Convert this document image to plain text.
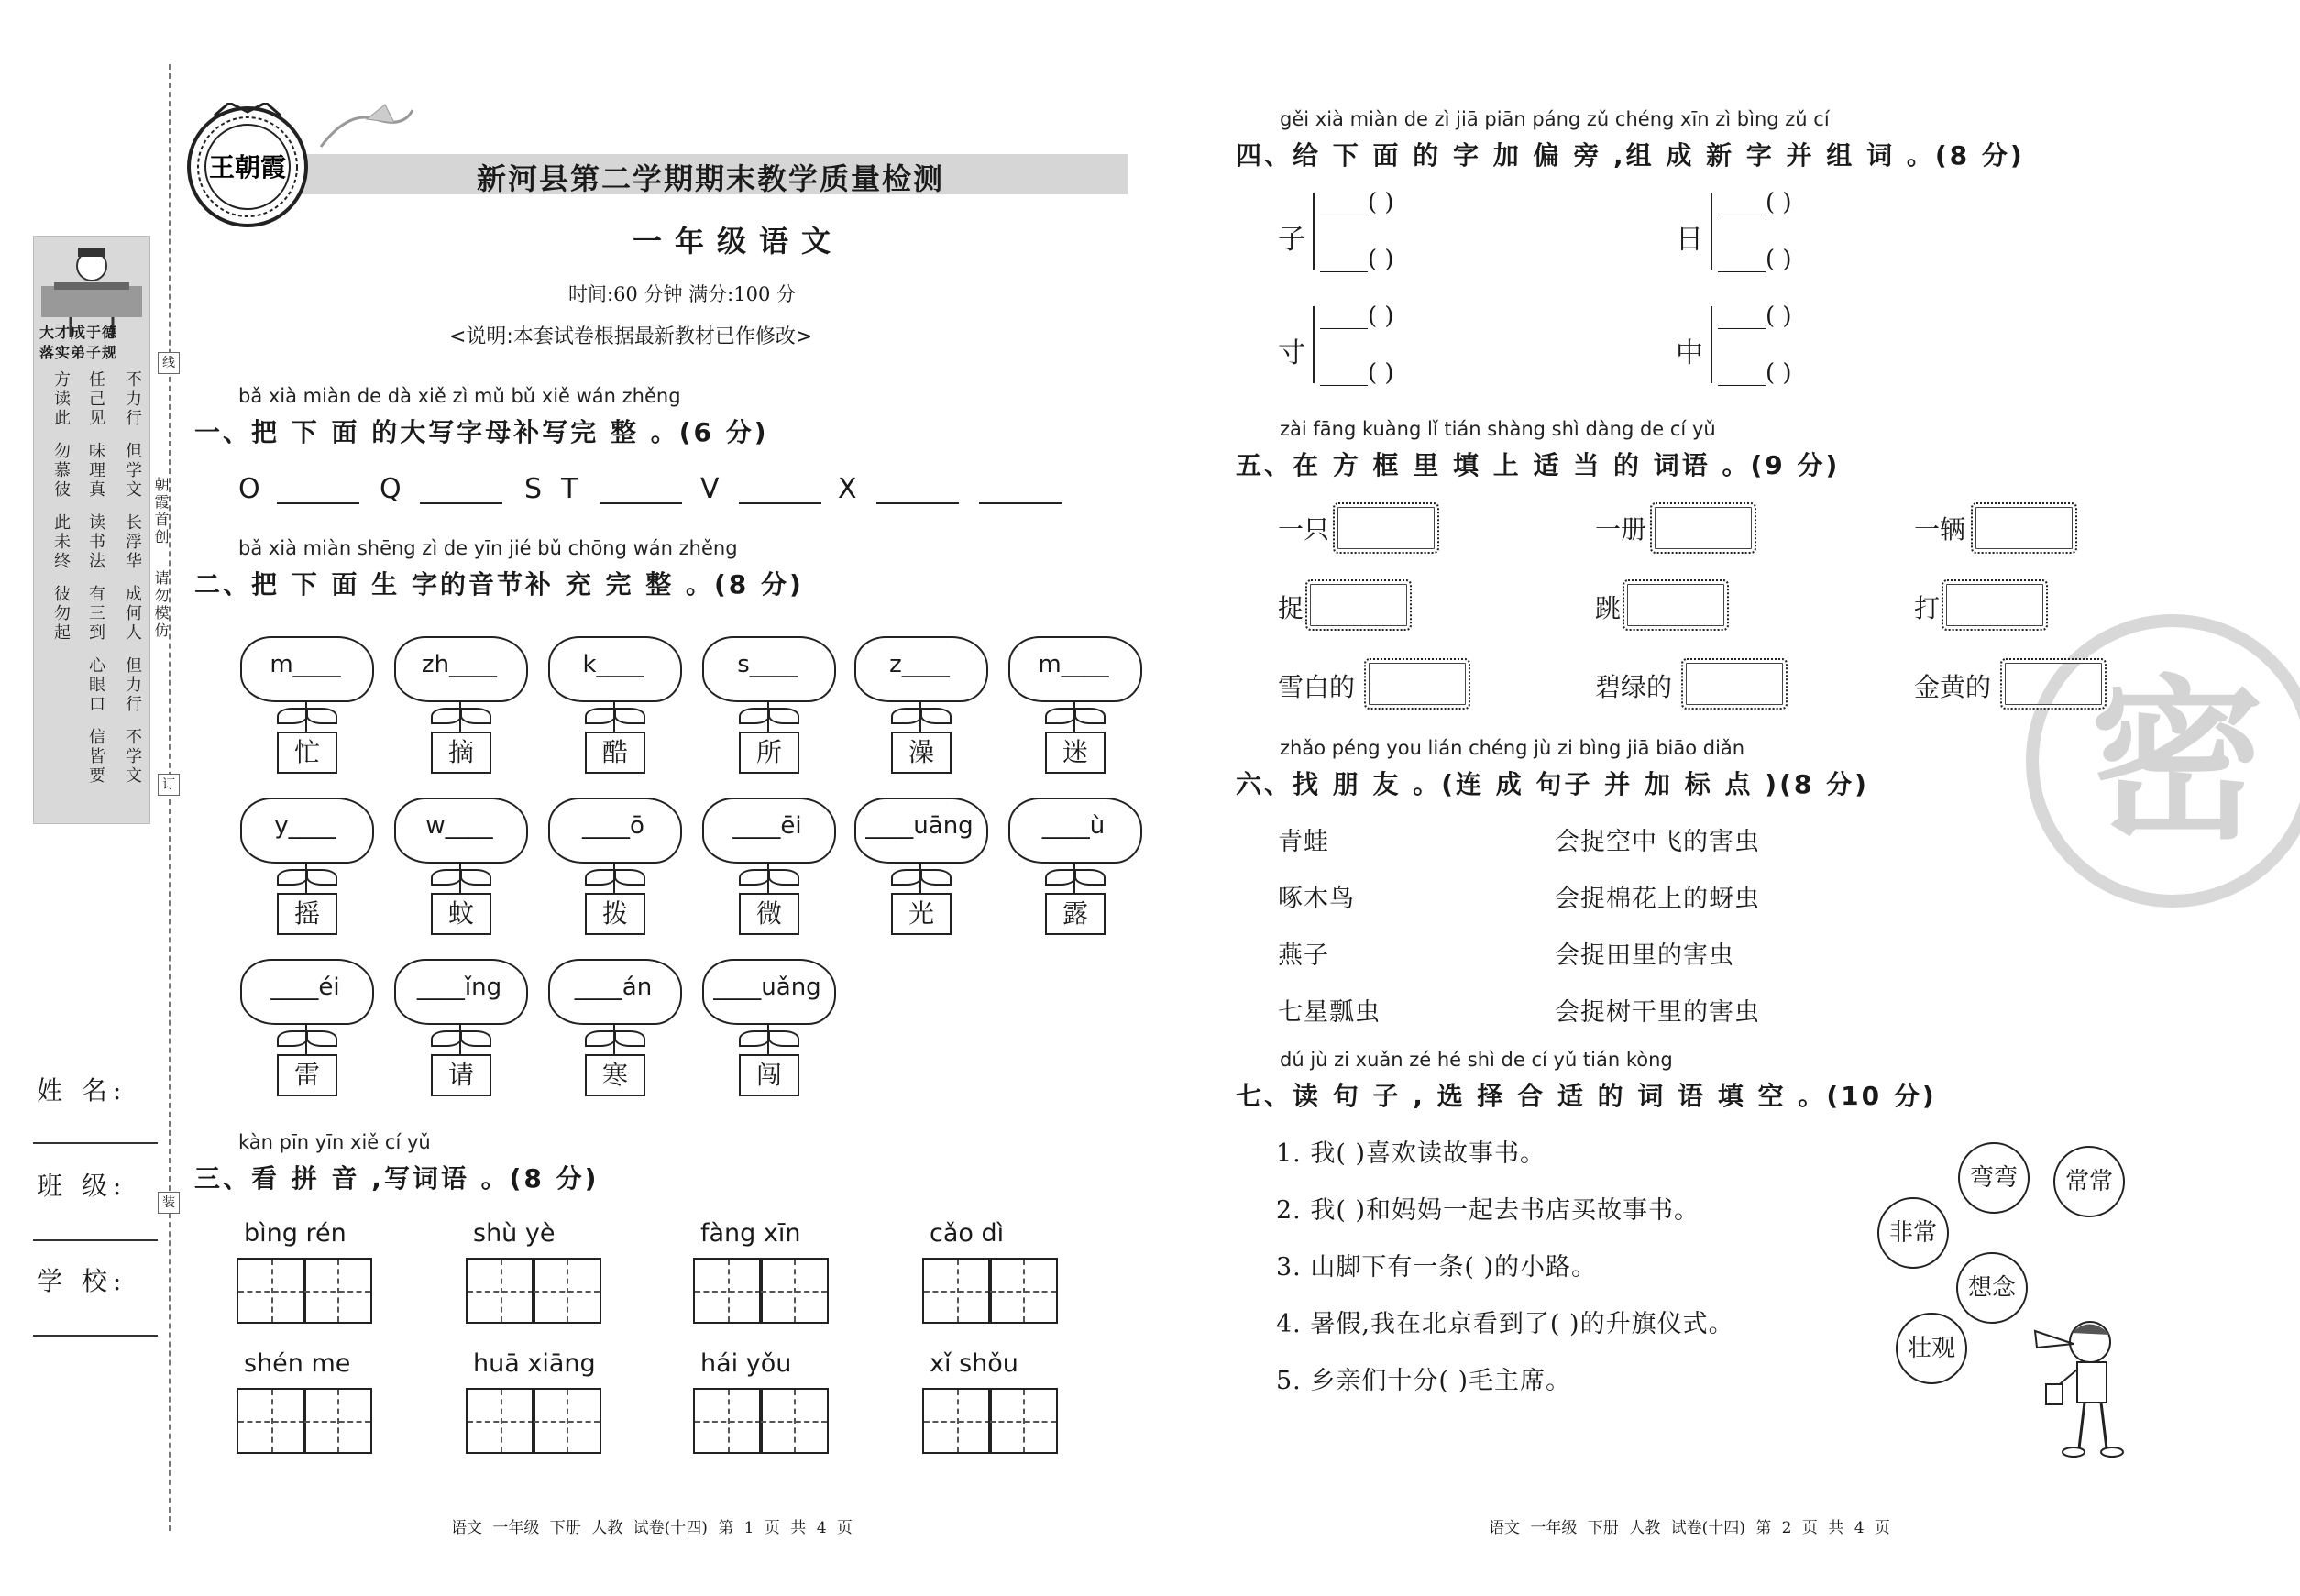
线
订
装
大才成于德
落实弟子规
不力行
但学文
长浮华
成何人
但力行
不学文
任己见
味理真
读书法
有三到
心眼口
信皆要
方读此
勿慕彼
此未终
彼勿起
朝霞首创
请勿模仿
姓 名:
班 级:
学 校:
王朝霞	新河县第二学期期末教学质量检测
一年级语文
时间:60 分钟 满分:100 分
<说明:本套试卷根据最新教材已作修改>
bǎ xià miàn de dà xiě zì mǔ bǔ xiě wán zhěng
一、把 下 面 的大写字母补写完 整 。(6 分)
O	Q	S T	V	X
bǎ xià miàn shēng zì de yīn jié bǔ chōng wán zhěng
二、把 下 面 生 字的音节补 充 完 整 。(8 分)
m____
忙
zh____
摘
k____
酷
s____
所
z____
澡
m____
迷
y____
摇
w____
蚊
____ō
拨
____ēi
微
____uāng
光
____ù
露
____éi
雷
____ǐng
请
____án
寒
____uǎng
闯
kàn pīn yīn xiě cí yǔ
三、看 拼 音 ,写词语 。(8 分)
bìng rén	shù yè	fàng xīn	cǎo dì
shén me	huā xiāng	hái yǒu	xǐ shǒu
语文 一年级 下册 人教 试卷(十四) 第 1 页 共 4 页
密
gěi xià miàn de zì jiā piān páng zǔ chéng xīn zì bìng zǔ cí
四、给 下 面 的 字 加 偏 旁 ,组 成 新 字 并 组 词 。(8 分)
子
____( )
____( )
日
____( )
____( )
寸
____( )
____( )
中
____( )
____( )
zài fāng kuàng lǐ tián shàng shì dàng de cí yǔ
五、在 方 框 里 填 上 适 当 的 词语 。(9 分)
一只	一册	一辆
捉	跳	打
雪白的	碧绿的	金黄的
zhǎo péng you lián chéng jù zi bìng jiā biāo diǎn
六、找 朋 友 。(连 成 句子 并 加 标 点 )(8 分)
青蛙
啄木鸟
燕子
七星瓢虫
会捉空中飞的害虫
会捉棉花上的蚜虫
会捉田里的害虫
会捉树干里的害虫
dú jù zi xuǎn zé hé shì de cí yǔ tián kòng
七、读 句 子 , 选 择 合 适 的 词 语 填 空 。(10 分)
1. 我( )喜欢读故事书。
2. 我( )和妈妈一起去书店买故事书。
3. 山脚下有一条( )的小路。
4. 暑假,我在北京看到了( )的升旗仪式。
5. 乡亲们十分( )毛主席。
弯弯	常常
非常
想念
壮观
语文 一年级 下册 人教 试卷(十四) 第 2 页 共 4 页
